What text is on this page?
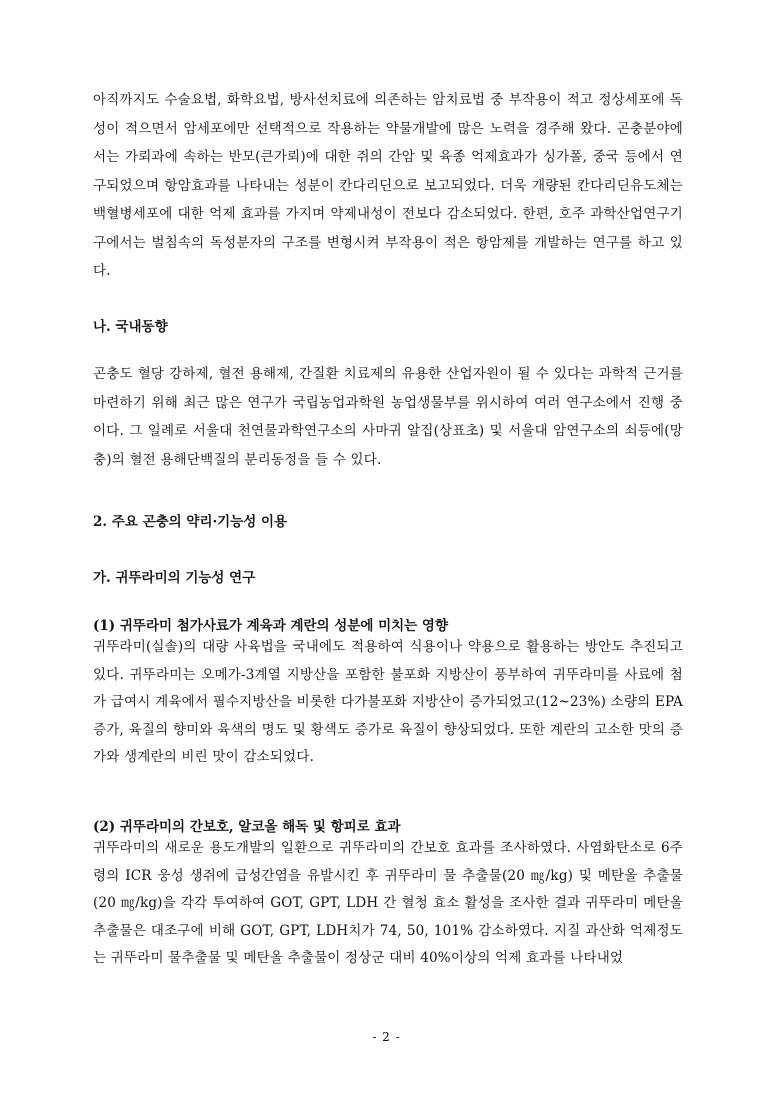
아직까지도 수술요법, 화학요법, 방사선치료에 의존하는 암치료법 중 부작용이 적고 정상세포에 독성이 적으면서 암세포에만 선택적으로 작용하는 약물개발에 많은 노력을 경주해 왔다. 곤충분야에서는 가뢰과에 속하는 반모(큰가뢰)에 대한 쥐의 간암 및 육종 억제효과가 싱가폴, 중국 등에서 연구되었으며 항암효과를 나타내는 성분이 칸다리딘으로 보고되었다. 더욱 개량된 칸다리딘유도체는 백혈병세포에 대한 억제 효과를 가지며 약제내성이 전보다 감소되었다. 한편, 호주 과학산업연구기구에서는 벌침속의 독성분자의 구조를 변형시켜 부작용이 적은 항암제를 개발하는 연구를 하고 있다.

나. 국내동향

곤충도 혈당 강하제, 혈전 용해제, 간질환 치료제의 유용한 산업자원이 될 수 있다는 과학적 근거를 마련하기 위해 최근 많은 연구가 국립농업과학원 농업생물부를 위시하여 여러 연구소에서 진행 중이다. 그 일례로 서울대 천연물과학연구소의 사마귀 알집(상표초) 및 서울대 암연구소의 쇠등에(망충)의 혈전 용해단백질의 분리동정을 들 수 있다.

2. 주요 곤충의 약리·기능성 이용

가. 귀뚜라미의 기능성 연구

(1) 귀뚜라미 첨가사료가 계육과 계란의 성분에 미치는 영향

귀뚜라미(실솔)의 대량 사육법을 국내에도 적용하여 식용이나 약용으로 활용하는 방안도 추진되고 있다. 귀뚜라미는 오메가-3계열 지방산을 포함한 불포화 지방산이 풍부하여 귀뚜라미를 사료에 첨가 급여시 계육에서 필수지방산을 비롯한 다가불포화 지방산이 증가되었고(12~23%) 소량의 EPA 증가, 육질의 향미와 육색의 명도 및 황색도 증가로 육질이 향상되었다. 또한 계란의 고소한 맛의 증가와 생계란의 비린 맛이 감소되었다.

(2) 귀뚜라미의 간보호, 알코올 해독 및 항피로 효과

귀뚜라미의 새로운 용도개발의 일환으로 귀뚜라미의 간보호 효과를 조사하였다. 사염화탄소로 6주령의 ICR 웅성 생쥐에 급성간염을 유발시킨 후 귀뚜라미 물 추출물(20 ㎎/kg) 및 메탄올 추출물(20 ㎎/kg)을 각각 투여하여 GOT, GPT, LDH 간 혈청 효소 활성을 조사한 결과 귀뚜라미 메탄올 추출물은 대조구에 비해 GOT, GPT, LDH치가 74, 50, 101% 감소하였다. 지질 과산화 억제정도는 귀뚜라미 물추출물 및 메탄올 추출물이 정상군 대비 40%이상의 억제 효과를 나타내었

- 2 -
